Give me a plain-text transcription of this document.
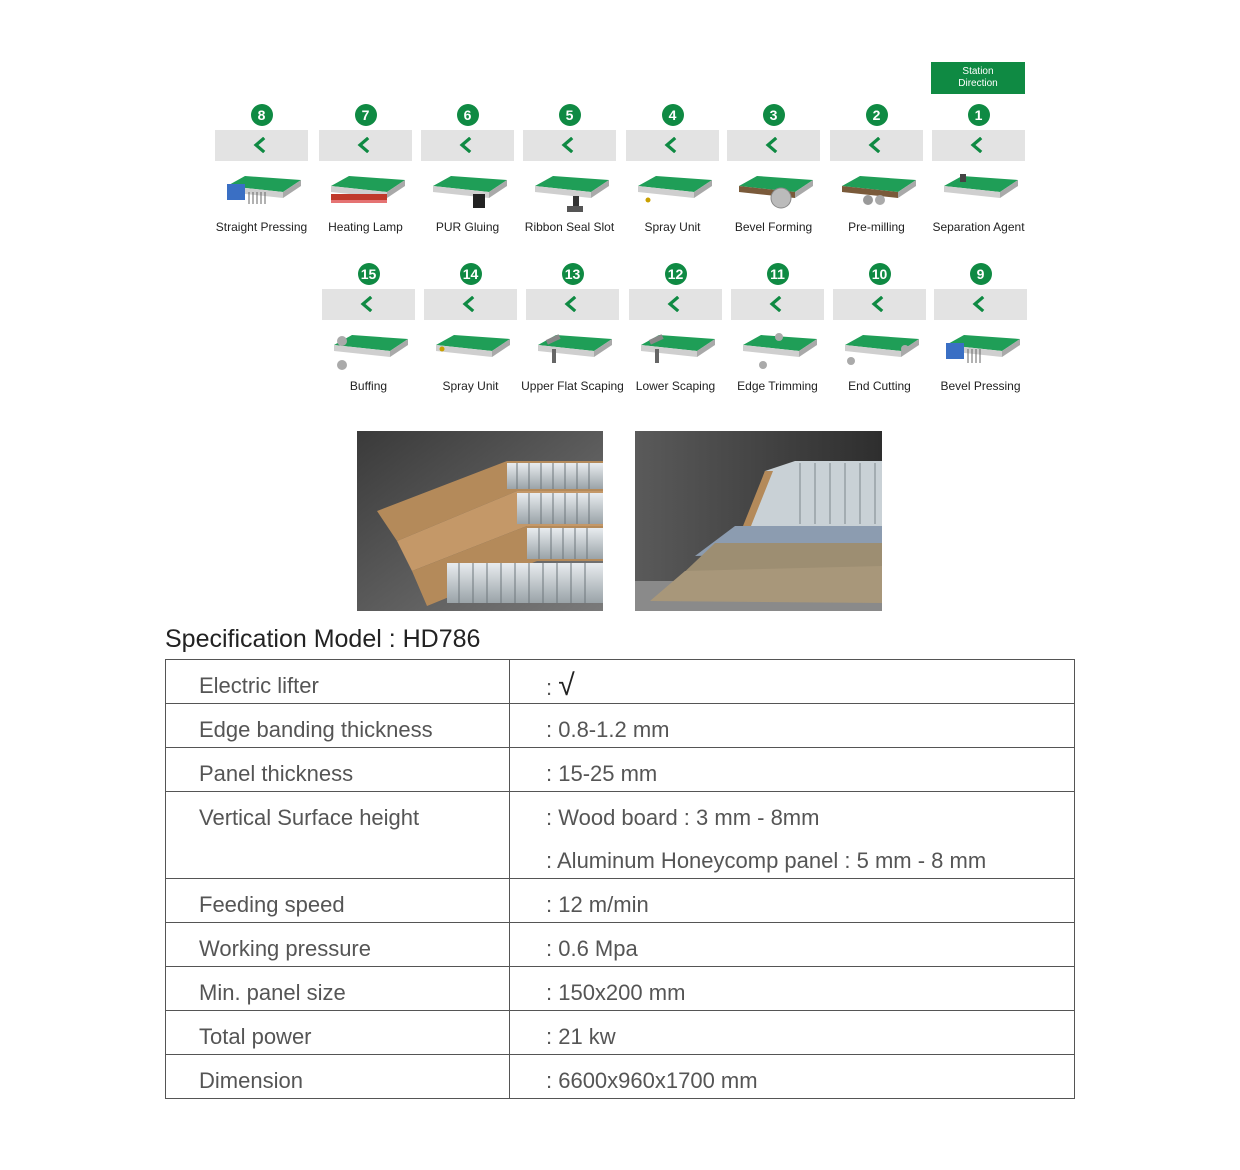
Station
Direction
1
Separation Agent
2
Pre-milling
3
Bevel Forming
4
Spray Unit
5
Ribbon Seal Slot
6
PUR Gluing
7
Heating Lamp
8
Straight Pressing
9
Bevel Pressing
10
End Cutting
11
Edge Trimming
12
Lower Scaping
13
Upper Flat Scaping
14
Spray Unit
15
Buffing
Specification Model : HD786
Electric lifter	: √

Edge banding thickness	: 0.8-1.2 mm

Panel thickness	: 15-25 mm

Vertical Surface height	: Wood board : 3 mm - 8mm
: Aluminum Honeycomp panel : 5 mm - 8 mm

Feeding speed	: 12 m/min

Working pressure	: 0.6 Mpa

Min. panel size	: 150x200 mm

Total power	: 21 kw

Dimension	: 6600x960x1700 mm
